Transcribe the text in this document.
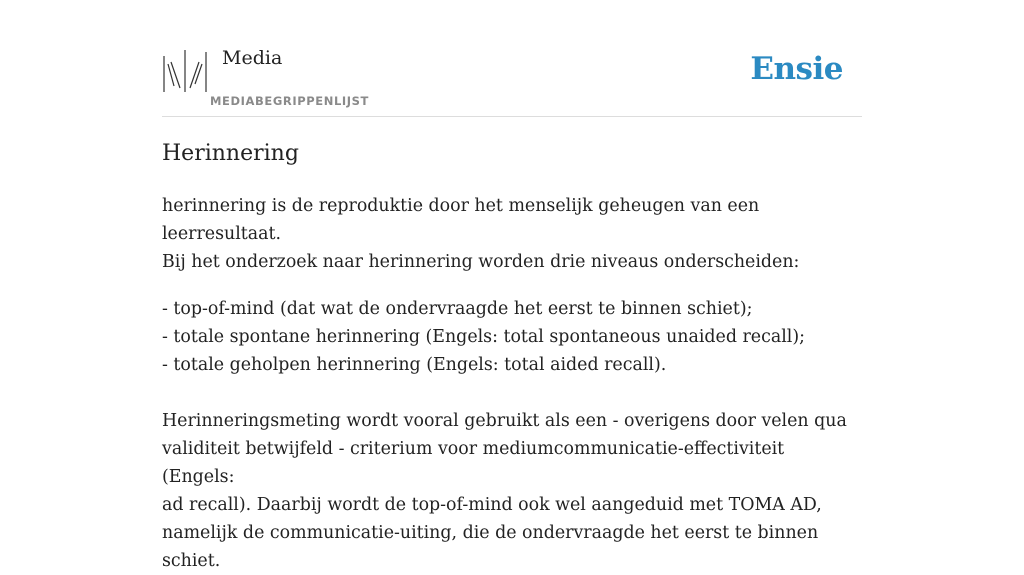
Media
MEDIABEGRIPPENLIJST
Ensie
Herinnering

herinnering is de reproduktie door het menselijk geheugen van een leerresultaat.
Bij het onderzoek naar herinnering worden drie niveaus onderscheiden:

- top-of-mind (dat wat de ondervraagde het eerst te binnen schiet);
- totale spontane herinnering (Engels: total spontaneous unaided recall);
- totale geholpen herinnering (Engels: total aided recall).

Herinneringsmeting wordt vooral gebruikt als een - overigens door velen qua
validiteit betwijfeld - criterium voor mediumcommunicatie-effectiviteit (Engels:
ad recall). Daarbij wordt de top-of-mind ook wel aangeduid met TOMA AD,
namelijk de communicatie-uiting, die de ondervraagde het eerst te binnen schiet.
